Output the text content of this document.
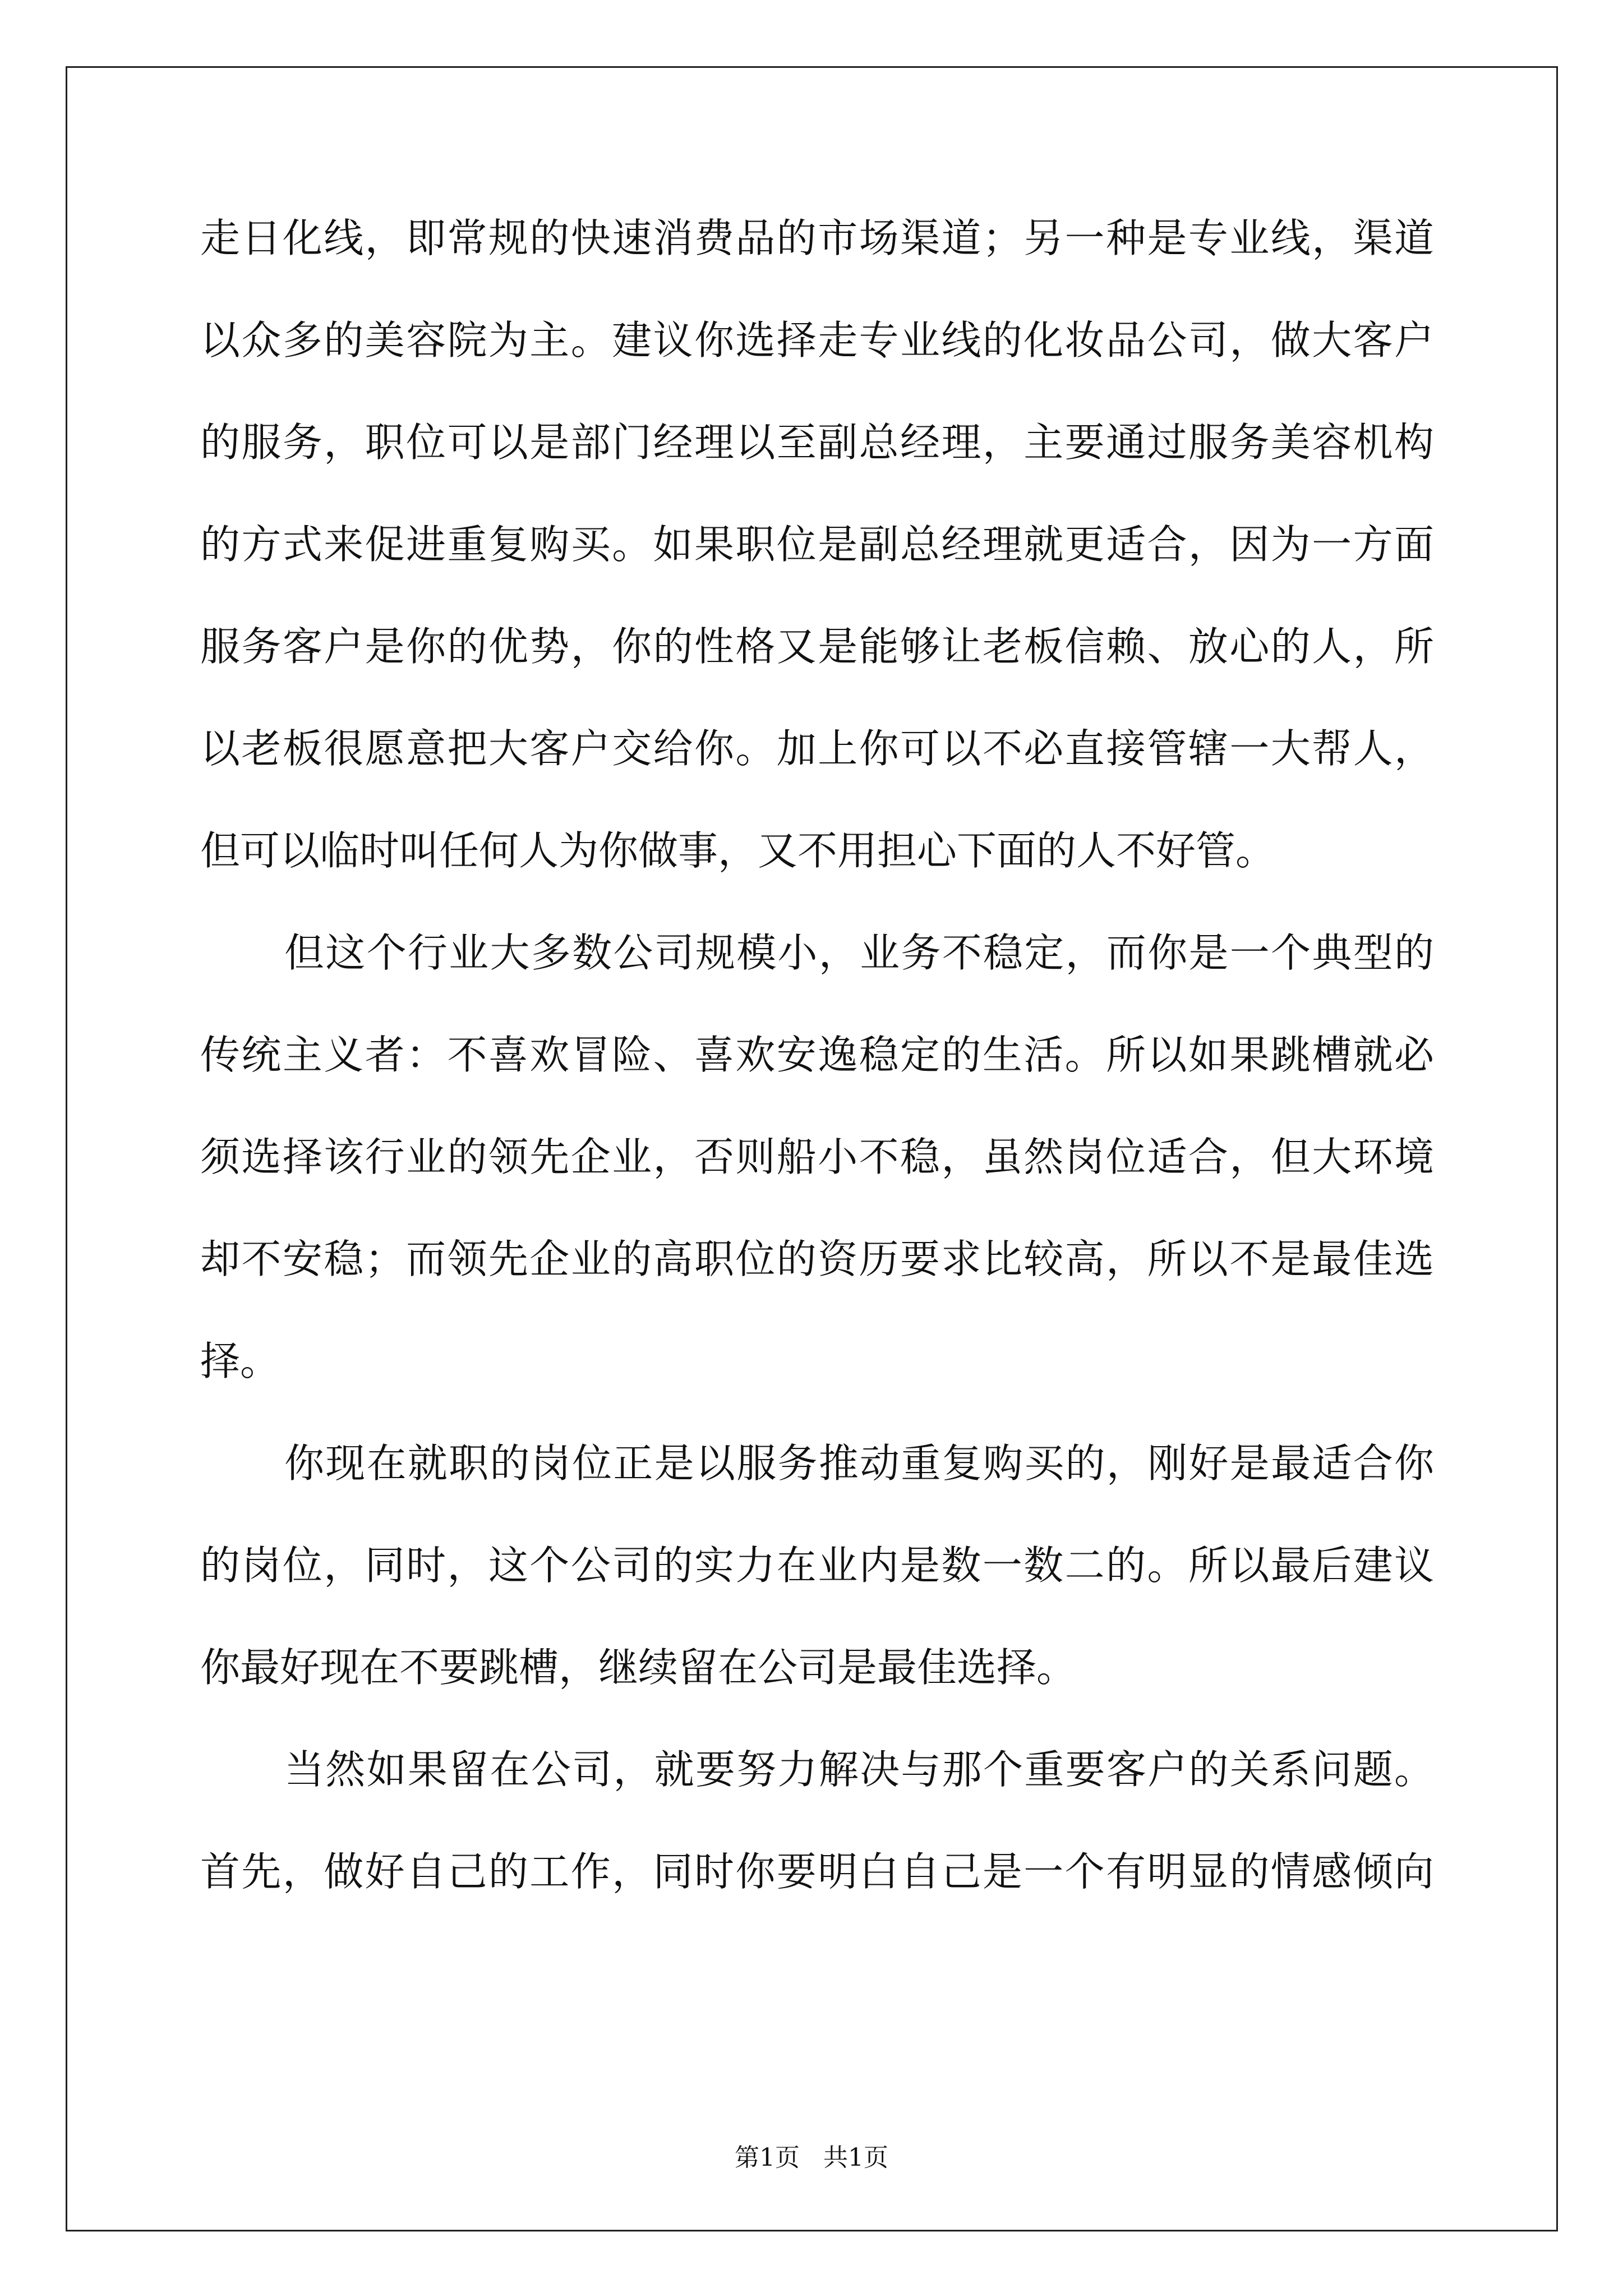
走日化线，即常规的快速消费品的市场渠道；另一种是专业线，渠道
以众多的美容院为主。建议你选择走专业线的化妆品公司，做大客户
的服务，职位可以是部门经理以至副总经理，主要通过服务美容机构
的方式来促进重复购买。如果职位是副总经理就更适合，因为一方面
服务客户是你的优势，你的性格又是能够让老板信赖、放心的人，所
以老板很愿意把大客户交给你。加上你可以不必直接管辖一大帮人，
但可以临时叫任何人为你做事，又不用担心下面的人不好管。
但这个行业大多数公司规模小，业务不稳定，而你是一个典型的
传统主义者：不喜欢冒险、喜欢安逸稳定的生活。所以如果跳槽就必
须选择该行业的领先企业，否则船小不稳，虽然岗位适合，但大环境
却不安稳；而领先企业的高职位的资历要求比较高，所以不是最佳选
择。
你现在就职的岗位正是以服务推动重复购买的，刚好是最适合你
的岗位，同时，这个公司的实力在业内是数一数二的。所以最后建议
你最好现在不要跳槽，继续留在公司是最佳选择。
当然如果留在公司，就要努力解决与那个重要客户的关系问题。
首先，做好自己的工作，同时你要明白自己是一个有明显的情感倾向
第1页 共1页
